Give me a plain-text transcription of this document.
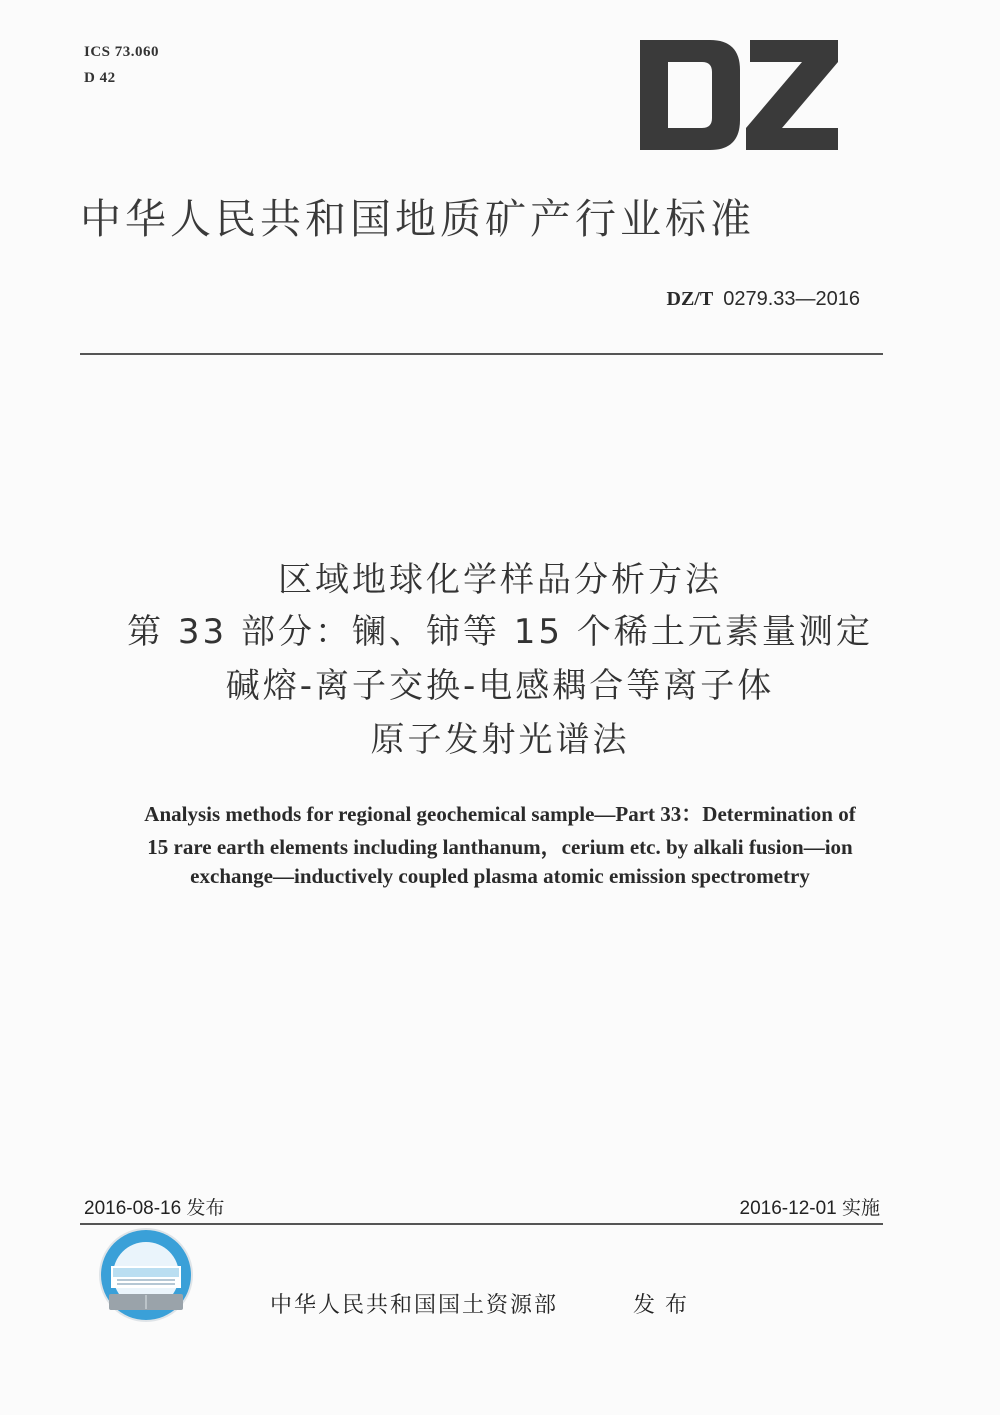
ICS 73.060
D 42
中华人民共和国地质矿产行业标准
DZ/T 0279.33—2016
区域地球化学样品分析方法
第 33 部分：镧、铈等 15 个稀土元素量测定
碱熔-离子交换-电感耦合等离子体
原子发射光谱法
Analysis methods for regional geochemical sample—Part 33：Determination of
15 rare earth elements including lanthanum，cerium etc. by alkali fusion—ion
exchange—inductively coupled plasma atomic emission spectrometry
2016-08-16 发布	2016-12-01 实施
中华人民共和国国土资源部	发布
